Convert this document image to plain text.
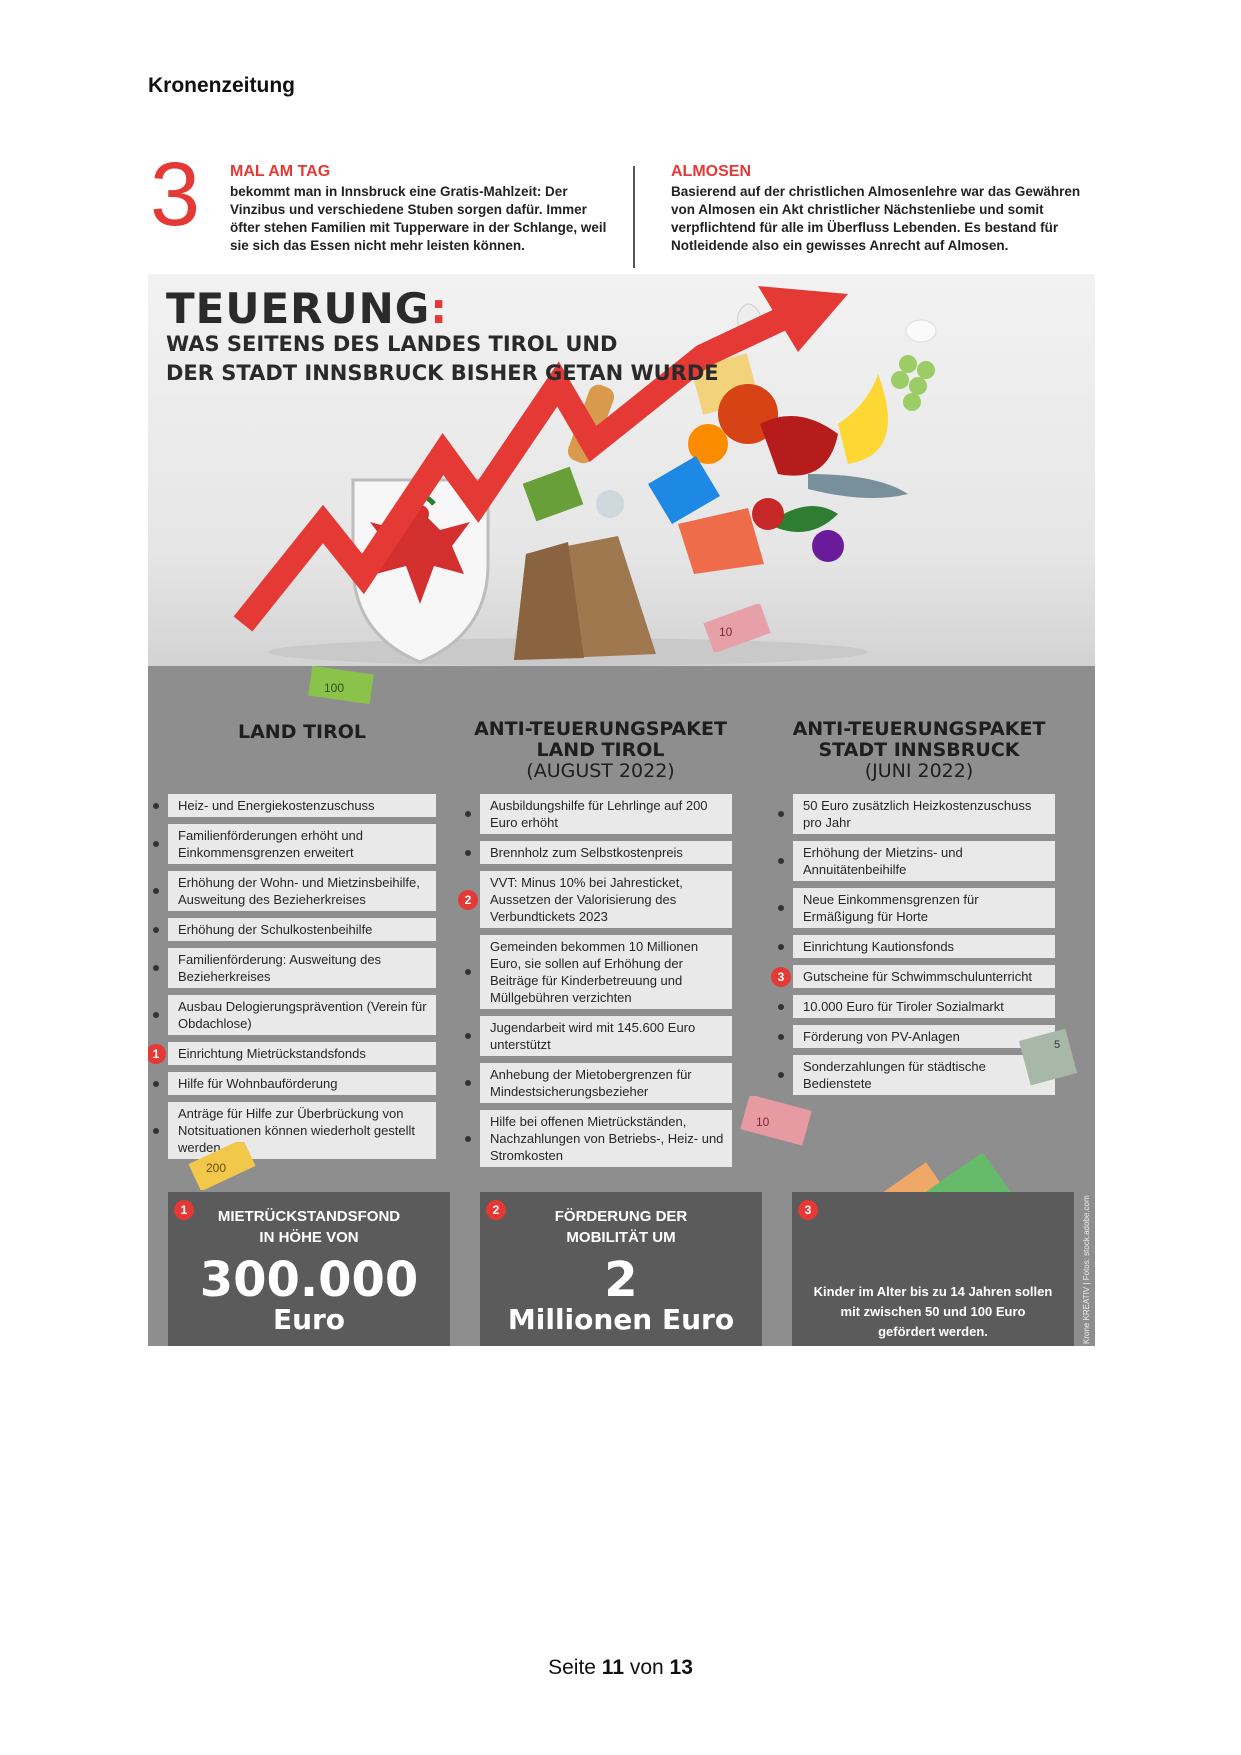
Kronenzeitung
3 MAL AM TAG
bekommt man in Innsbruck eine Gratis-Mahlzeit: Der Vinzibus und verschiedene Stuben sorgen dafür. Immer öfter stehen Familien mit Tupperware in der Schlange, weil sie sich das Essen nicht mehr leisten können.
ALMOSEN
Basierend auf der christlichen Almosenlehre war das Gewähren von Almosen ein Akt christlicher Nächstenliebe und somit verpflichtend für alle im Überfluss Lebenden. Es bestand für Notleidende also ein gewisses Anrecht auf Almosen.
TEUERUNG:
WAS SEITENS DES LANDES TIROL UND
DER STADT INNSBRUCK BISHER GETAN WURDE
LAND TIROL	ANTI-TEUERUNGSPAKET LAND TIROL
(AUGUST 2022)
ANTI-TEUERUNGSPAKET STADT INNSBRUCK
(JUNI 2022)
Heiz- und Energiekostenzuschuss
Familienförderungen erhöht und Einkommensgrenzen erweitert
Erhöhung der Wohn- und Mietzinsbeihilfe, Ausweitung des Bezieherkreises
Erhöhung der Schulkostenbeihilfe
Familienförderung: Ausweitung des Bezieherkreises
Ausbau Delogierungsprävention (Verein für Obdachlose)
1	Einrichtung Mietrückstandsfonds
Hilfe für Wohnbauförderung
Anträge für Hilfe zur Überbrückung von Notsituationen können wiederholt gestellt werden
Ausbildungshilfe für Lehrlinge auf 200 Euro erhöht
Brennholz zum Selbstkostenpreis
2
VVT: Minus 10% bei Jahresticket, Aussetzen der Valorisierung des Verbundtickets 2023
Gemeinden bekommen 10 Millionen Euro, sie sollen auf Erhöhung der Beiträge für Kinderbetreuung und Müllgebühren verzichten
Jugendarbeit wird mit 145.600 Euro unterstützt
Anhebung der Mietobergrenzen für Mindestsicherungsbezieher
Hilfe bei offenen Mietrückständen, Nachzahlungen von Betriebs-, Heiz- und Stromkosten
50 Euro zusätzlich Heizkostenzuschuss pro Jahr
Erhöhung der Mietzins- und Annuitätenbeihilfe
Neue Einkommensgrenzen für Ermäßigung für Horte
Einrichtung Kautionsfonds
3	Gutscheine für Schwimmschulunterricht
10.000 Euro für Tiroler Sozialmarkt
Förderung von PV-Anlagen
Sonderzahlungen für städtische Bedienstete
100
10
200
10
5
1	MIETRÜCKSTANDSFOND
IN HÖHE VON
300.000
Euro
2	FÖRDERUNG DER
MOBILITÄT UM
2
Millionen Euro
3
Kinder im Alter bis zu 14 Jahren sollen mit zwischen 50 und 100 Euro gefördert werden.	Krone KREATIV | Fotos: stock.adobe.com
Seite 11 von 13
